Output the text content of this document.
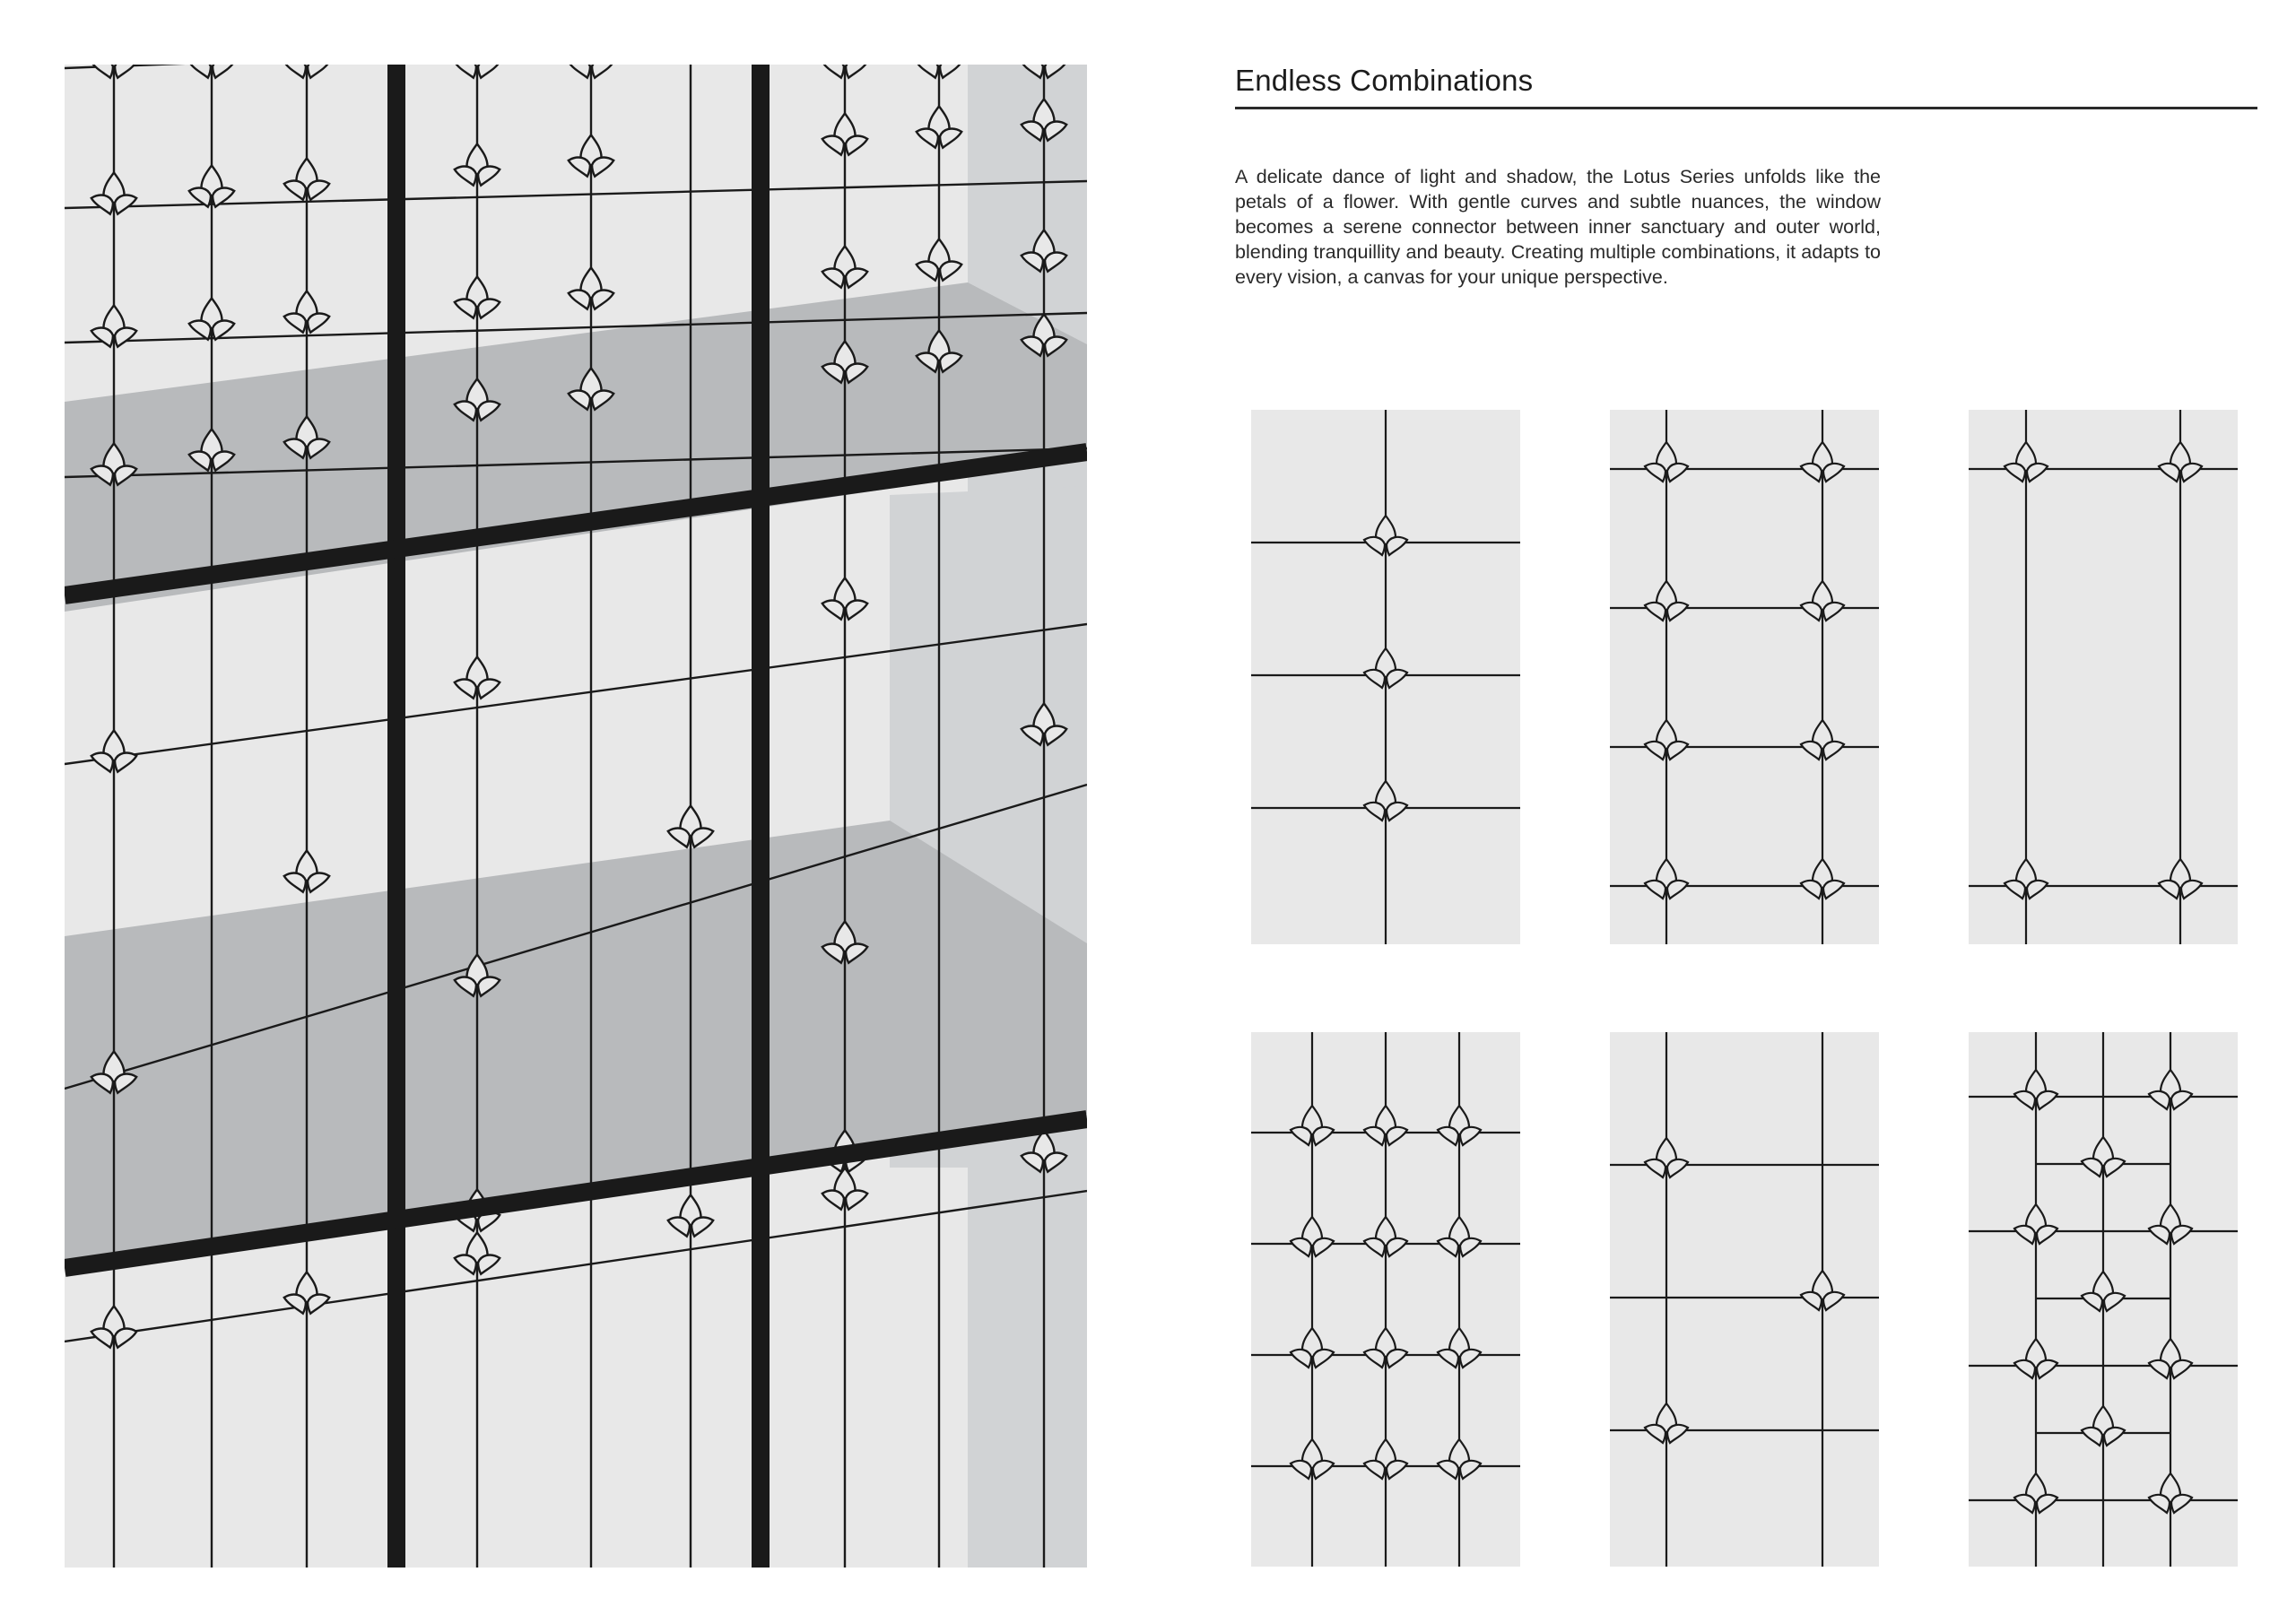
Endless Combinations

A delicate dance of light and shadow, the Lotus Series unfolds like the petals of a flower. With gentle curves and subtle nuances, the window becomes a serene connector between inner sanctuary and outer world, blending tranquillity and beauty. Creating multiple combinations, it adapts to every vision, a canvas for your unique perspective.
